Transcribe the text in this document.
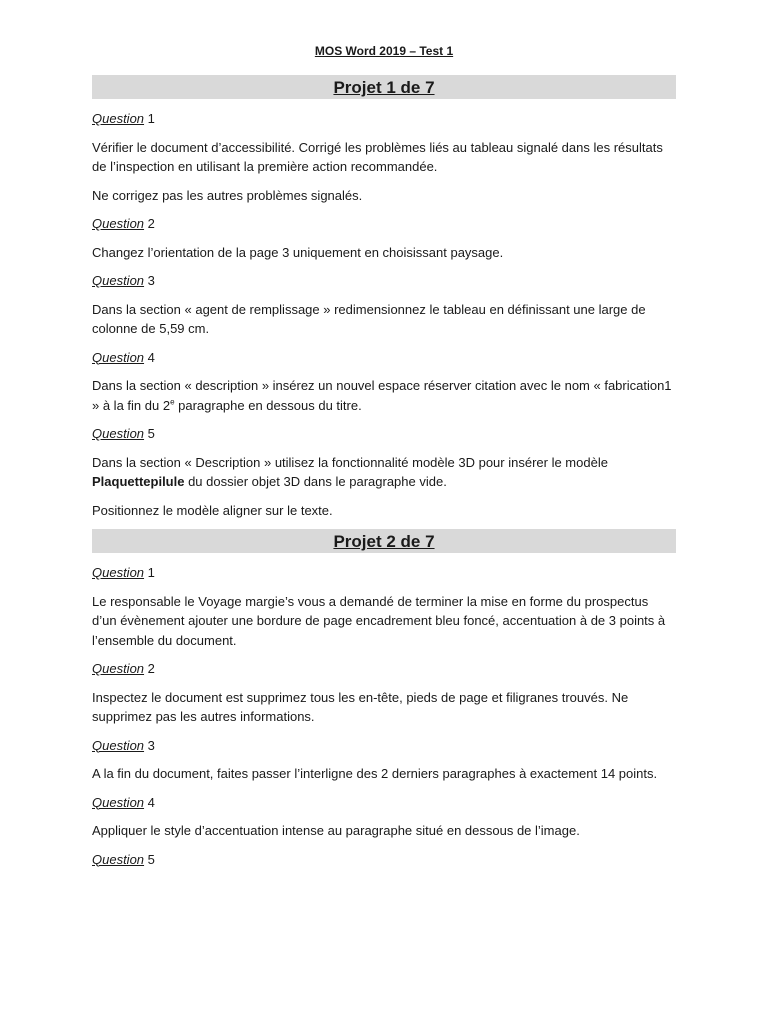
MOS Word 2019 – Test 1
Projet 1 de 7
Question 1

Vérifier le document d’accessibilité. Corrigé les problèmes liés au tableau signalé dans les résultats de l’inspection en utilisant la première action recommandée.

Ne corrigez pas les autres problèmes signalés.

Question 2

Changez l’orientation de la page 3 uniquement en choisissant paysage.

Question 3

Dans la section « agent de remplissage » redimensionnez le tableau en définissant une large de colonne de 5,59 cm.

Question 4

Dans la section « description » insérez un nouvel espace réserver citation avec le nom « fabrication1 » à la fin du 2e paragraphe en dessous du titre.

Question 5

Dans la section « Description » utilisez la fonctionnalité modèle 3D pour insérer le modèle Plaquettepilule du dossier objet 3D dans le paragraphe vide.

Positionnez le modèle aligner sur le texte.

Projet 2 de 7
Question 1

Le responsable le Voyage margie’s vous a demandé de terminer la mise en forme du prospectus d’un évènement ajouter une bordure de page encadrement bleu foncé, accentuation à de 3 points à l’ensemble du document.

Question 2

Inspectez le document est supprimez tous les en-tête, pieds de page et filigranes trouvés. Ne supprimez pas les autres informations.

Question 3

A la fin du document, faites passer l’interligne des 2 derniers paragraphes à exactement 14 points.

Question 4

Appliquer le style d’accentuation intense au paragraphe situé en dessous de l’image.

Question 5
